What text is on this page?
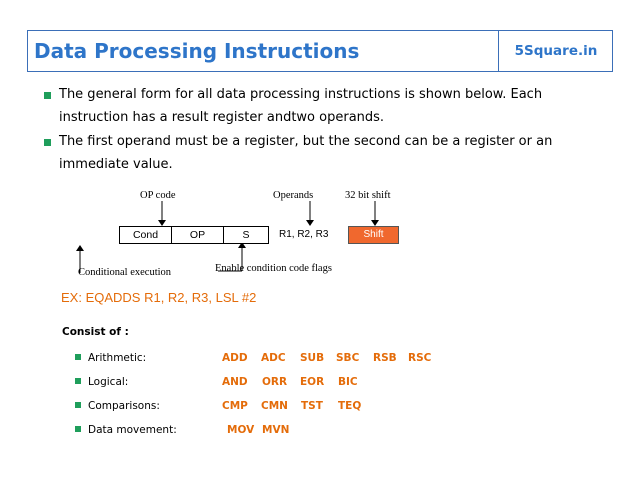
Data Processing Instructions	5Square.in
The general form for all data processing instructions is shown below. Each instruction has a result register andtwo operands.
The first operand must be a register, but the second can be a register or an immediate value.
OP code	Operands	32 bit shift
Cond	OP	S	R1, R2, R3	Shift
Conditional execution	Enable condition code flags
EX: EQADDS R1, R2, R3, LSL #2
Consist of :
Arithmetic:	ADD ADC SUB SBC RSB RSC
Logical:	AND ORR EOR BIC
Comparisons:	CMP CMN TST TEQ
Data movement:	MOV MVN
